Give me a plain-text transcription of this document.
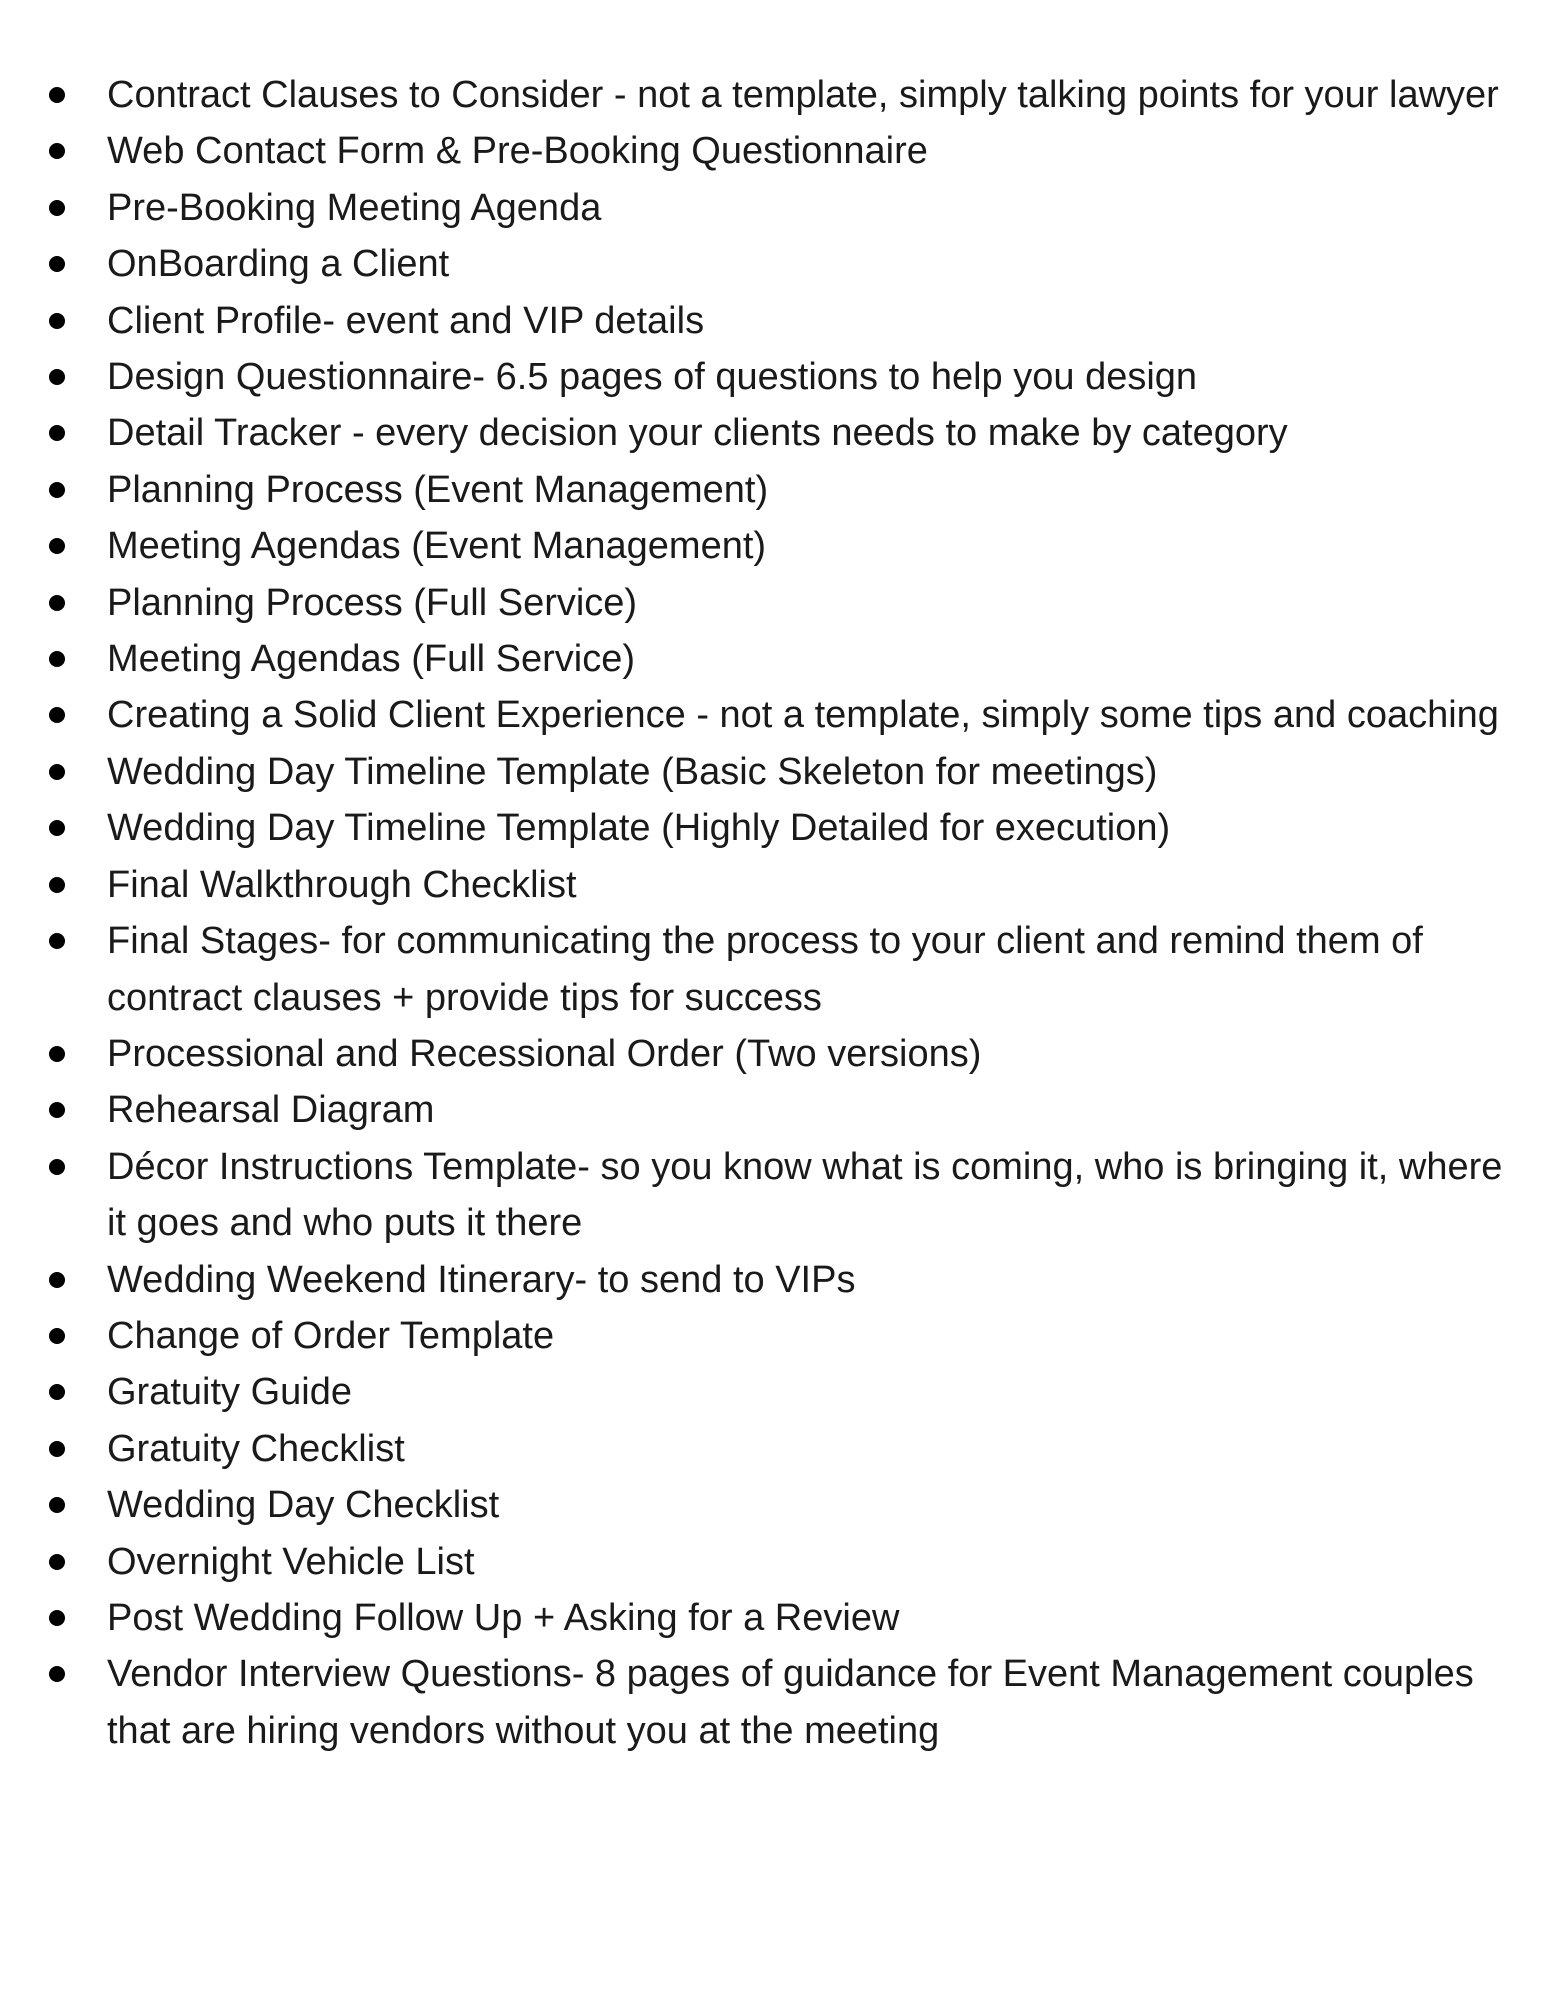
Contract Clauses to Consider - not a template, simply talking points for your lawyer
Web Contact Form & Pre-Booking Questionnaire
Pre-Booking Meeting Agenda
OnBoarding a Client
Client Profile- event and VIP details
Design Questionnaire- 6.5 pages of questions to help you design
Detail Tracker - every decision your clients needs to make by category
Planning Process (Event Management)
Meeting Agendas (Event Management)
Planning Process (Full Service)
Meeting Agendas (Full Service)
Creating a Solid Client Experience - not a template, simply some tips and coaching
Wedding Day Timeline Template (Basic Skeleton for meetings)
Wedding Day Timeline Template (Highly Detailed for execution)
Final Walkthrough Checklist
Final Stages- for communicating the process to your client and remind them of contract clauses + provide tips for success
Processional and Recessional Order (Two versions)
Rehearsal Diagram
Décor Instructions Template- so you know what is coming, who is bringing it, where it goes and who puts it there
Wedding Weekend Itinerary- to send to VIPs
Change of Order Template
Gratuity Guide
Gratuity Checklist
Wedding Day Checklist
Overnight Vehicle List
Post Wedding Follow Up + Asking for a Review
Vendor Interview Questions- 8 pages of guidance for Event Management couples that are hiring vendors without you at the meeting
